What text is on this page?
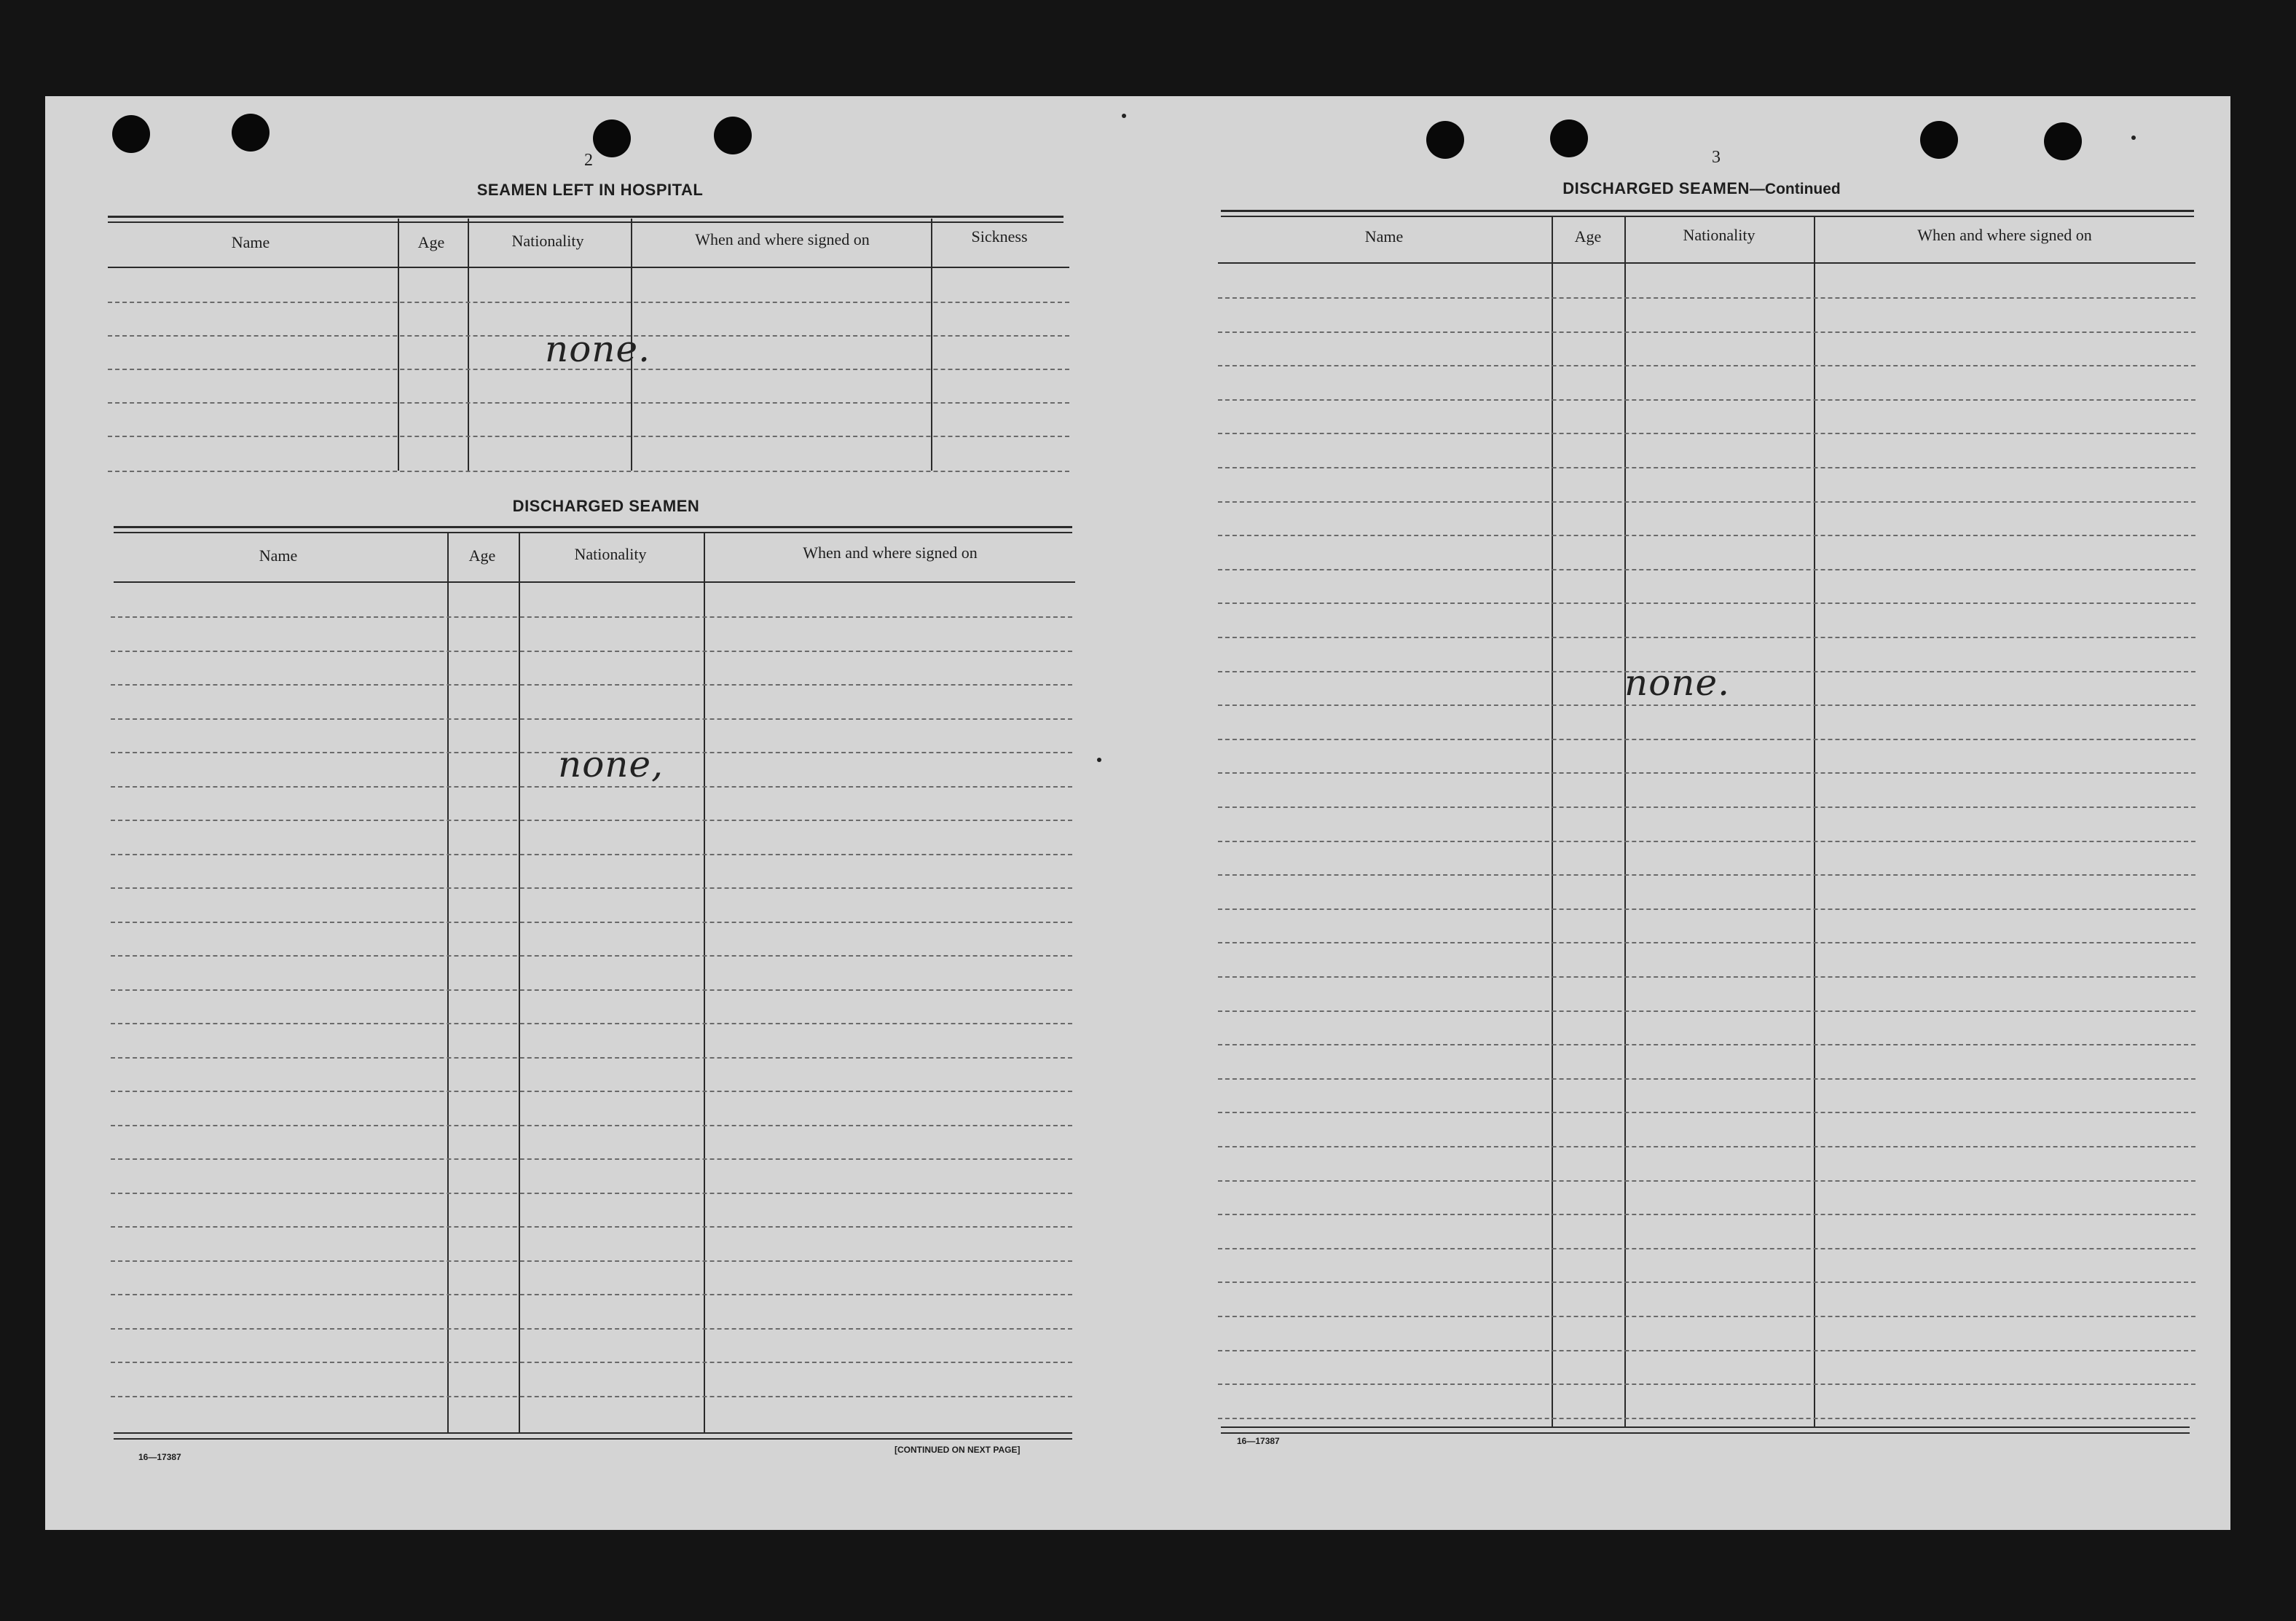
2
SEAMEN LEFT IN HOSPITAL
Name	Age	Nationality	When and where signed on	Sickness
none.
DISCHARGED SEAMEN
Name	Age	Nationality	When and where signed on
none,
16—17387
[CONTINUED ON NEXT PAGE]
3
DISCHARGED SEAMEN—Continued
Name	Age	Nationality	When and where signed on
none.
16—17387
